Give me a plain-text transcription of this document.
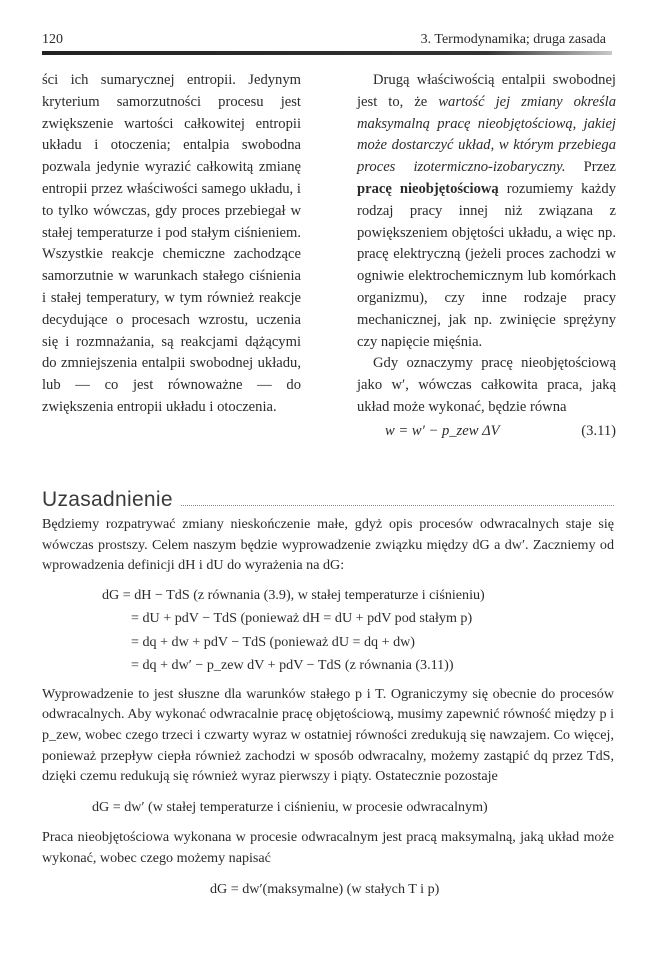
120	3. Termodynamika; druga zasada

ści ich sumarycznej entropii. Jedynym kryterium samorzutności procesu jest zwiększenie wartości całkowitej entropii układu i otoczenia; entalpia swobodna pozwala jedynie wyrazić całkowitą zmianę entropii przez właściwości samego układu, i to tylko wówczas, gdy proces przebiegał w stałej temperaturze i pod stałym ciśnieniem. Wszystkie reakcje chemiczne zachodzące samorzutnie w warunkach stałego ciśnienia i stałej temperatury, w tym również reakcje decydujące o procesach wzrostu, uczenia się i rozmnażania, są reakcjami dążącymi do zmniejszenia entalpii swobodnej układu, lub — co jest równoważne — do zwiększenia entropii układu i otoczenia.

Drugą właściwością entalpii swobodnej jest to, że wartość jej zmiany określa maksymalną pracę nieobjętościową, jakiej może dostarczyć układ, w którym przebiega proces izotermiczno-izobaryczny. Przez pracę nieobjętościową rozumiemy każdy rodzaj pracy innej niż związana z powiększeniem objętości układu, a więc np. pracę elektryczną (jeżeli proces zachodzi w ogniwie elektrochemicznym lub komórkach organizmu), czy inne rodzaje pracy mechanicznej, jak np. zwinięcie sprężyny czy napięcie mięśnia.

Gdy oznaczymy pracę nieobjętościową jako w′, wówczas całkowita praca, jaką układ może wykonać, będzie równa

w = w′ − p_zew ΔV	(3.11)
Uzasadnienie

Będziemy rozpatrywać zmiany nieskończenie małe, gdyż opis procesów odwracalnych staje się wówczas prostszy. Celem naszym będzie wyprowadzenie związku między dG a dw′. Zaczniemy od wprowadzenia definicji dH i dU do wyrażenia na dG:

dG = dH − TdS (z równania (3.9), w stałej temperaturze i ciśnieniu)
= dU + pdV − TdS (ponieważ dH = dU + pdV pod stałym p)
= dq + dw + pdV − TdS (ponieważ dU = dq + dw)
= dq + dw′ − p_zew dV + pdV − TdS (z równania (3.11))

Wyprowadzenie to jest słuszne dla warunków stałego p i T. Ograniczymy się obecnie do procesów odwracalnych. Aby wykonać odwracalnie pracę objętościową, musimy zapewnić równość między p i p_zew, wobec czego trzeci i czwarty wyraz w ostatniej równości zredukują się nawzajem. Co więcej, ponieważ przepływ ciepła również zachodzi w sposób odwracalny, możemy zastąpić dq przez TdS, dzięki czemu redukują się również wyraz pierwszy i piąty. Ostatecznie pozostaje

dG = dw′ (w stałej temperaturze i ciśnieniu, w procesie odwracalnym)

Praca nieobjętościowa wykonana w procesie odwracalnym jest pracą maksymalną, jaką układ może wykonać, wobec czego możemy napisać

dG = dw′(maksymalne) (w stałych T i p)
